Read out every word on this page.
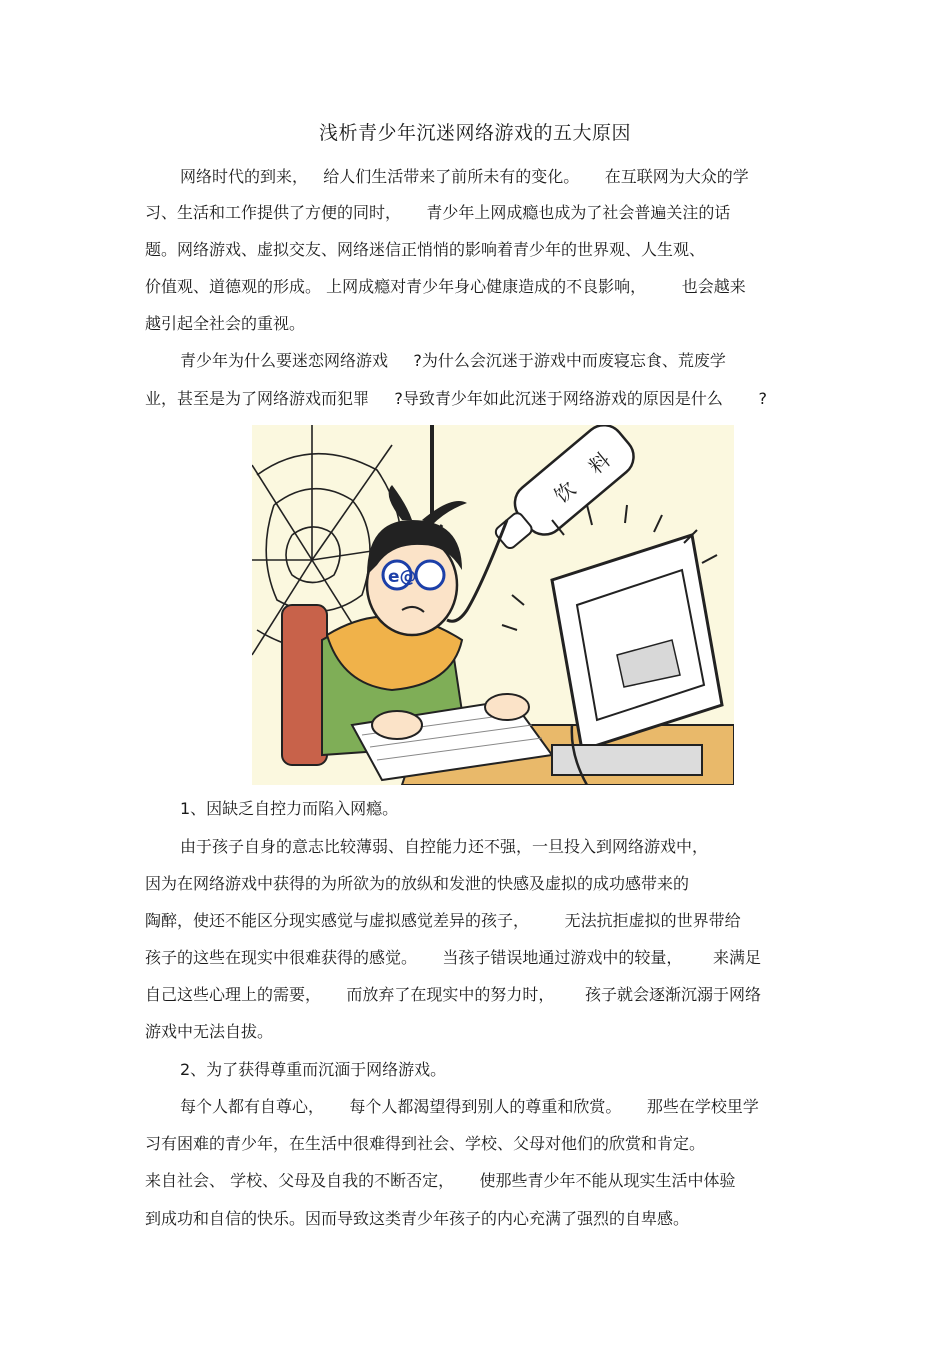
浅析青少年沉迷网络游戏的五大原因
网络时代的到来，   给人们生活带来了前所未有的变化。     在互联网为大众的学
习、生活和工作提供了方便的同时，     青少年上网成瘾也成为了社会普遍关注的话
题。网络游戏、虚拟交友、网络迷信正悄悄的影响着青少年的世界观、人生观、
价值观、道德观的形成。 上网成瘾对青少年身心健康造成的不良影响，       也会越来
越引起全社会的重视。
青少年为什么要迷恋网络游戏     ?为什么会沉迷于游戏中而废寝忘食、荒废学
业，甚至是为了网络游戏而犯罪     ?导致青少年如此沉迷于网络游戏的原因是什么       ?
饮
料
e@
1、因缺乏自控力而陷入网瘾。
由于孩子自身的意志比较薄弱、自控能力还不强，一旦投入到网络游戏中，
因为在网络游戏中获得的为所欲为的放纵和发泄的快感及虚拟的成功感带来的
陶醉，使还不能区分现实感觉与虚拟感觉差异的孩子，       无法抗拒虚拟的世界带给
孩子的这些在现实中很难获得的感觉。     当孩子错误地通过游戏中的较量，      来满足
自己这些心理上的需要，     而放弃了在现实中的努力时，      孩子就会逐渐沉溺于网络
游戏中无法自拔。
2、为了获得尊重而沉湎于网络游戏。
每个人都有自尊心，     每个人都渴望得到别人的尊重和欣赏。     那些在学校里学
习有困难的青少年，在生活中很难得到社会、学校、父母对他们的欣赏和肯定。
来自社会、 学校、父母及自我的不断否定，     使那些青少年不能从现实生活中体验
到成功和自信的快乐。因而导致这类青少年孩子的内心充满了强烈的自卑感。
